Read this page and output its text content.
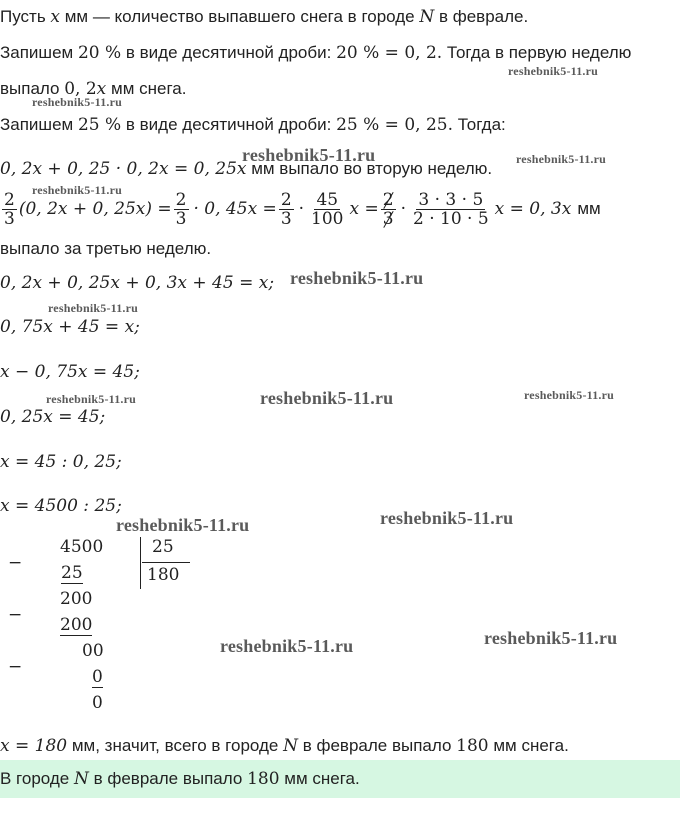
Пусть x мм — количество выпавшего снега в городе N в феврале.
Запишем 20 % в виде десятичной дроби: 20 % = 0, 2. Тогда в первую неделю
выпало 0, 2x мм снега.
Запишем 25 % в виде десятичной дроби: 25 % = 0, 25. Тогда:
0, 2x + 0, 25 · 0, 2x = 0, 25x мм выпало во вторую неделю.
$\frac{2}{3} (0$, 2x + 0, $25x) = \frac{2}{3} \cdot 0$, $45x = \frac{2}{3} \cdot \frac{45}{100}$ $x = \frac{2}{3} \cdot \frac{3 \cdot 3 \cdot 5}{2 \cdot 10 \cdot 5}$ x = 0, 3x мм
выпало за третью неделю.
0, 2x + 0, 25x + 0, 3x + 45 = x;
0, 75x + 45 = x;
x − 0, 75x = 45;
0, 25x = 45;
x = 45 : 0, 25;
x = 4500 : 25;
−
4500
25
25
180
200
− 200
00
−	0
0
x = 180 мм, значит, всего в городе N в феврале выпало 180 мм снега.
В городе
N
в феврале выпало
180
мм снега.
reshebnik5-11.ru
reshebnik5-11.ru
reshebnik5-11.ru	reshebnik5-11.ru
reshebnik5-11.ru
reshebnik5-11.ru
reshebnik5-11.ru
reshebnik5-11.ru	reshebnik5-11.ru	reshebnik5-11.ru
reshebnik5-11.ru	reshebnik5-11.ru
reshebnik5-11.ru
reshebnik5-11.ru
